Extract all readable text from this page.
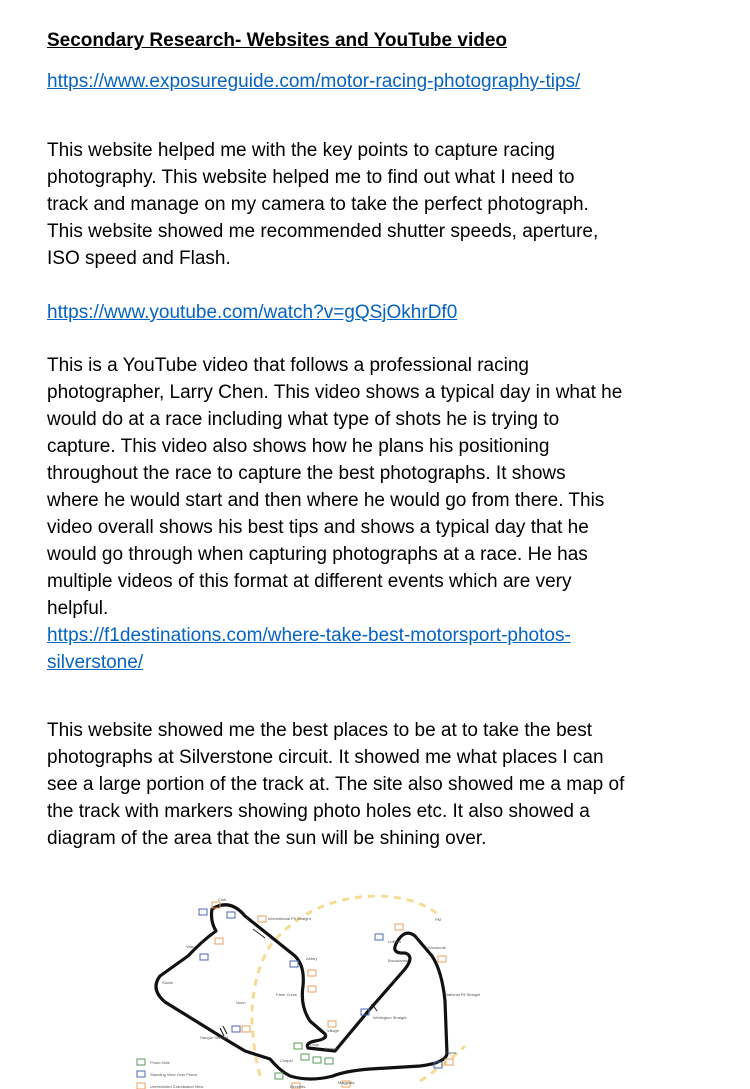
Secondary Research- Websites and YouTube video
https://www.exposureguide.com/motor-racing-photography-tips/
This website helped me with the key points to capture racing
photography. This website helped me to find out what I need to
track and manage on my camera to take the perfect photograph.
This website showed me recommended shutter speeds, aperture,
ISO speed and Flash.
https://www.youtube.com/watch?v=gQSjOkhrDf0
This is a YouTube video that follows a professional racing
photographer, Larry Chen. This video shows a typical day in what he
would do at a race including what type of shots he is trying to
capture. This video also shows how he plans his positioning
throughout the race to capture the best photographs. It shows
where he would start and then where he would go from there. This
video overall shows his best tips and shows a typical day that he
would go through when capturing photographs at a race. He has
multiple videos of this format at different events which are very
helpful.
https://f1destinations.com/where-take-best-motorsport-photos-
silverstone/
This website showed me the best places to be at to take the best
photographs at Silverstone circuit. It showed me what places I can
see a large portion of the track at. The site also showed me a map of
the track with markers showing photo holes etc. It also showed a
diagram of the area that the sun will be shining over.
PM
Noon
Club
International Pit Straight
Vale
Abbey
Stowe
Farm Curve
Village
Loop
Aintree
Hangar Straight
Chapel
Becketts
Maggotts
Luffield
Woodcote
Brooklands
National Pit Straight
Wellington Straight
Copse
Photo Hole
Standing View Over Fence
Unrestricted Grandstand View
